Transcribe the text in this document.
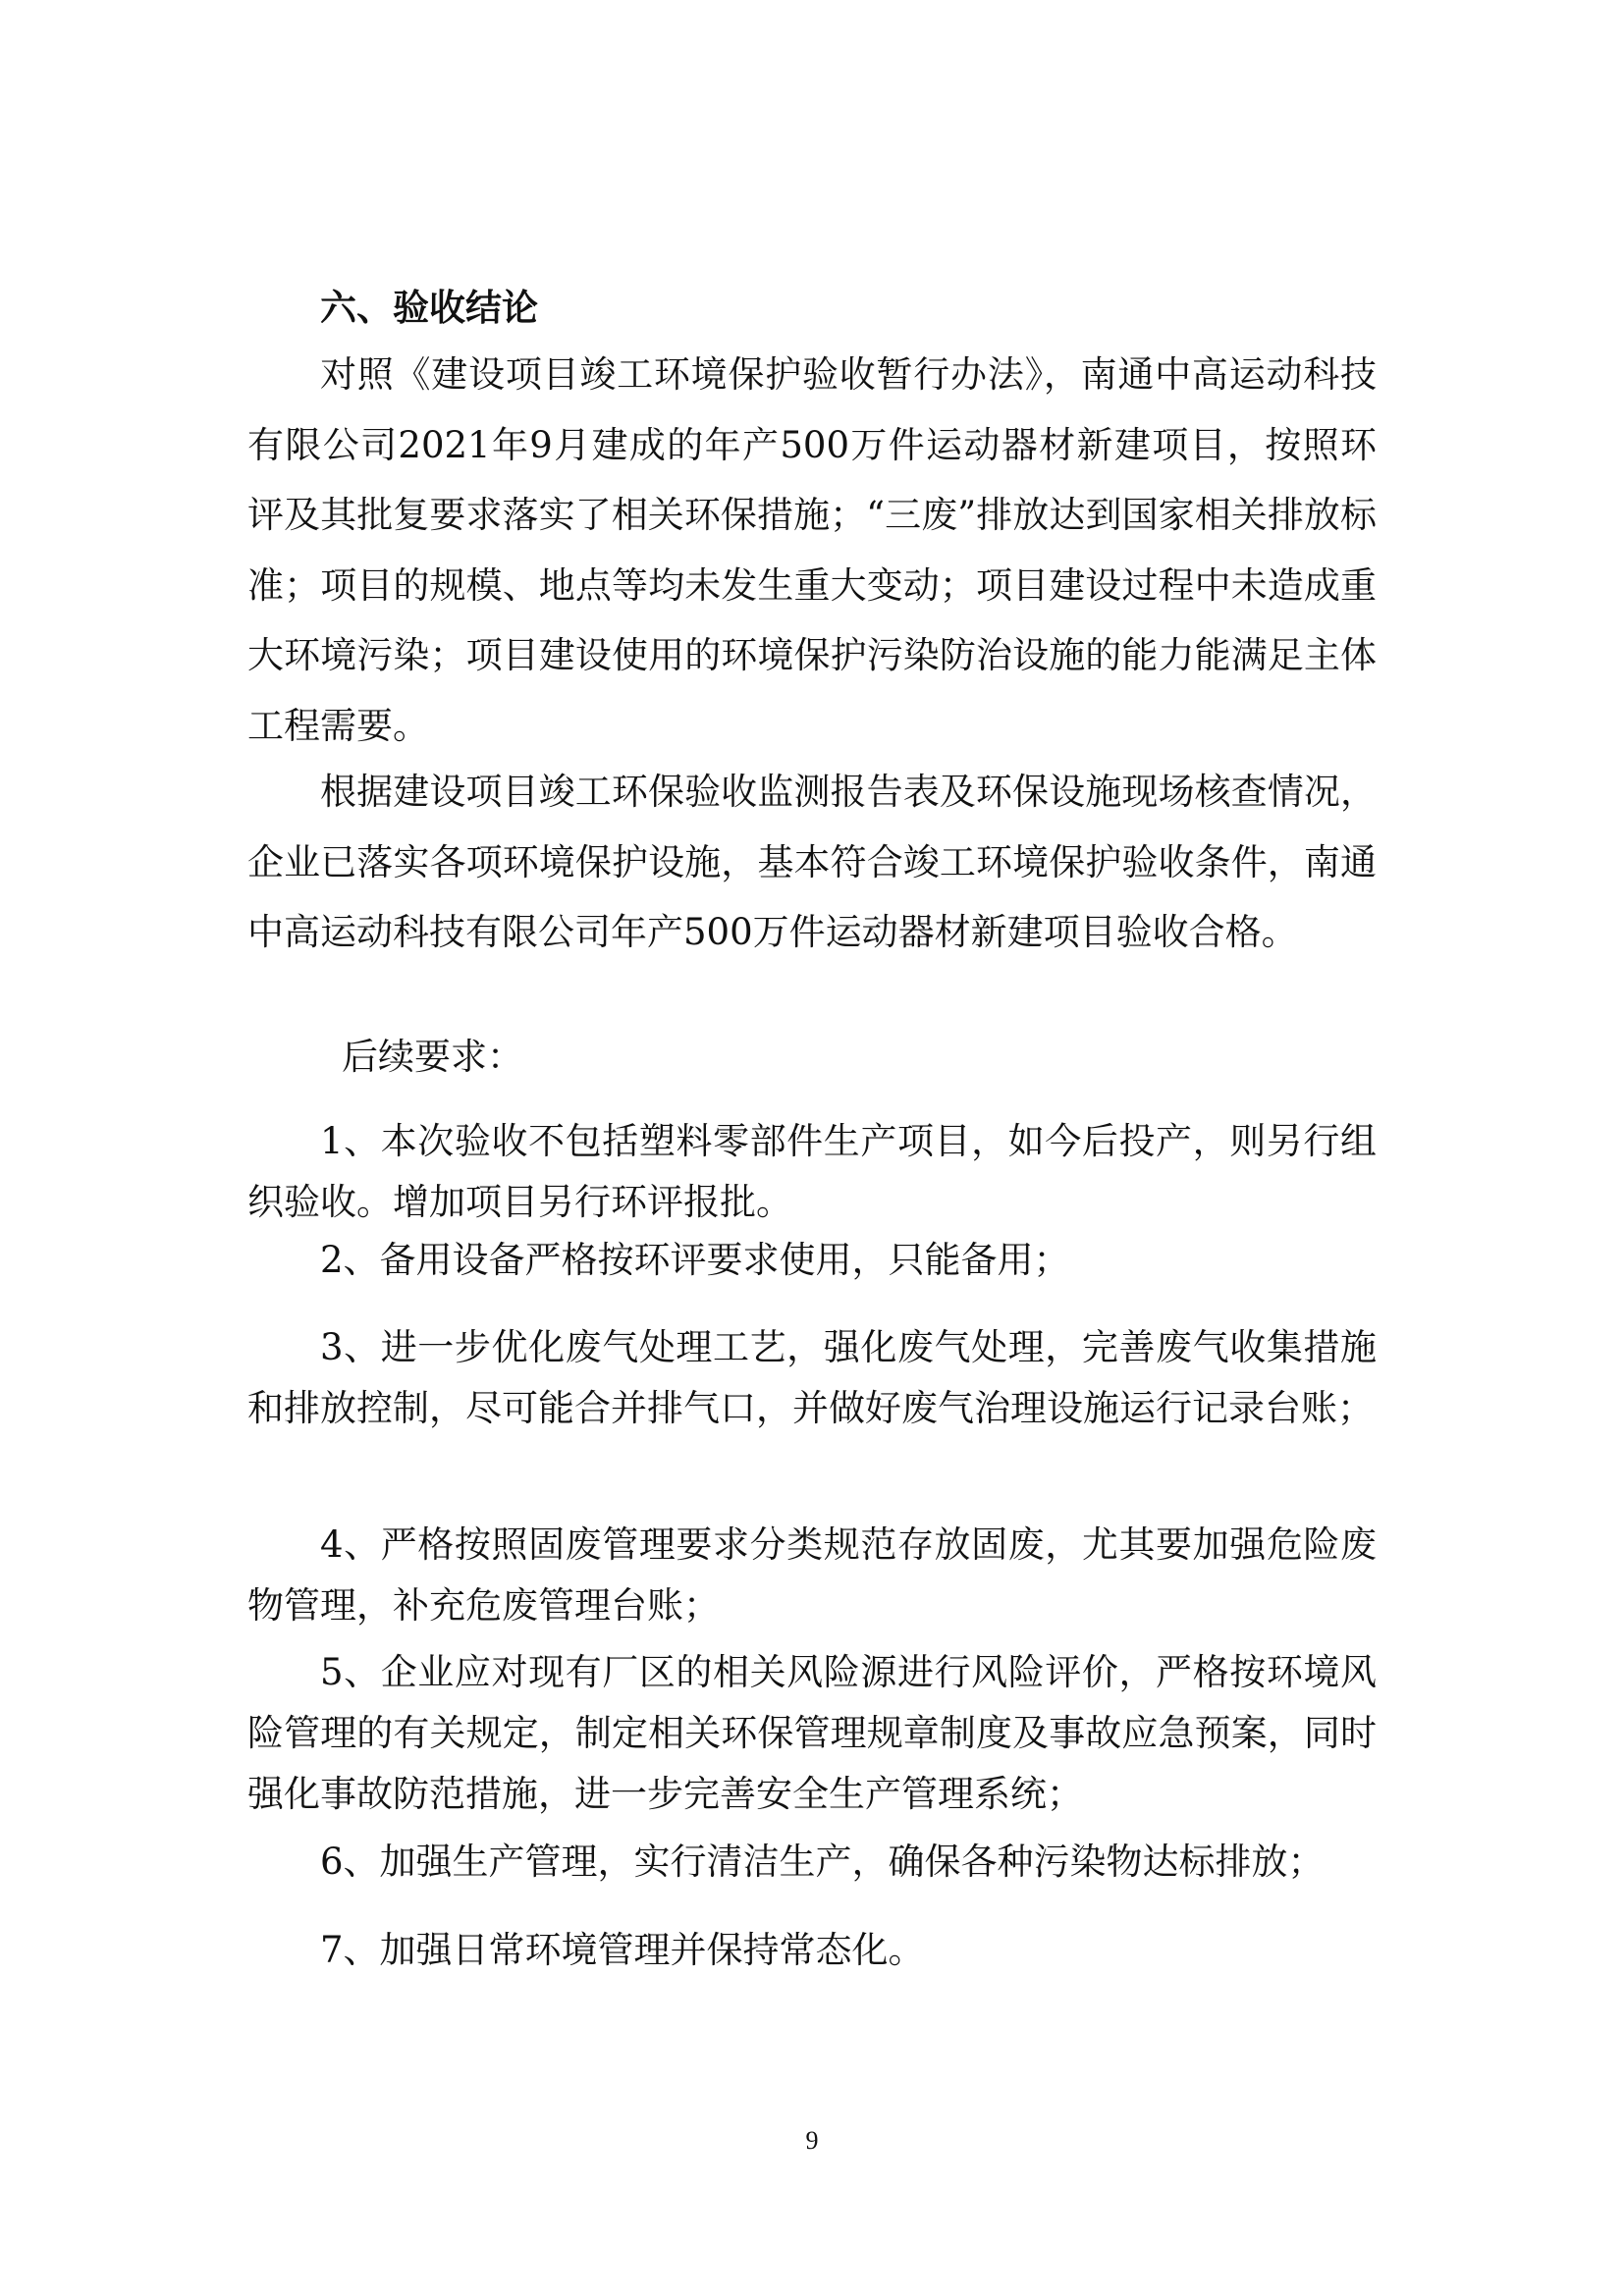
六、验收结论

对照《建设项目竣工环境保护验收暂行办法》，南通中高运动科技有限公司2021年9月建成的年产500万件运动器材新建项目，按照环评及其批复要求落实了相关环保措施；“三废”排放达到国家相关排放标准；项目的规模、地点等均未发生重大变动；项目建设过程中未造成重大环境污染；项目建设使用的环境保护污染防治设施的能力能满足主体工程需要。

根据建设项目竣工环保验收监测报告表及环保设施现场核查情况，企业已落实各项环境保护设施，基本符合竣工环境保护验收条件，南通中高运动科技有限公司年产500万件运动器材新建项目验收合格。

后续要求：

1、本次验收不包括塑料零部件生产项目，如今后投产，则另行组织验收。增加项目另行环评报批。

2、备用设备严格按环评要求使用，只能备用；

3、进一步优化废气处理工艺，强化废气处理，完善废气收集措施和排放控制，尽可能合并排气口，并做好废气治理设施运行记录台账；

4、严格按照固废管理要求分类规范存放固废，尤其要加强危险废物管理，补充危废管理台账；

5、企业应对现有厂区的相关风险源进行风险评价，严格按环境风险管理的有关规定，制定相关环保管理规章制度及事故应急预案，同时强化事故防范措施，进一步完善安全生产管理系统；

6、加强生产管理，实行清洁生产，确保各种污染物达标排放；

7、加强日常环境管理并保持常态化。

9
